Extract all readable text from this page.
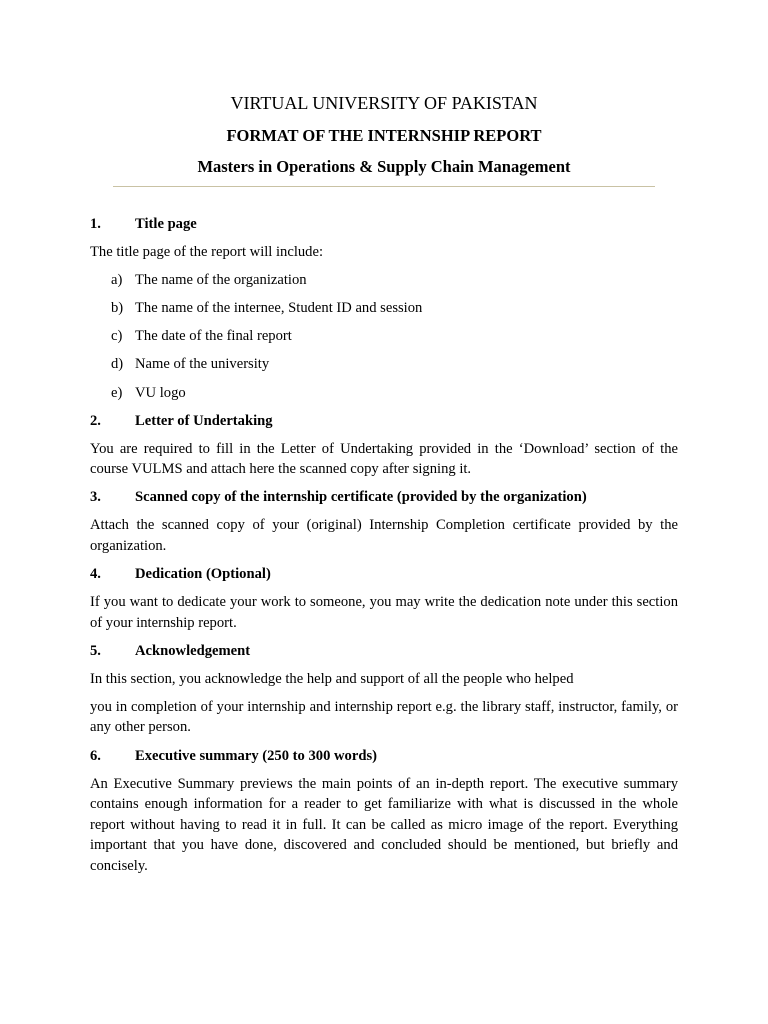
VIRTUAL UNIVERSITY OF PAKISTAN
FORMAT OF THE INTERNSHIP REPORT
Masters in Operations & Supply Chain Management
1.	Title page
The title page of the report will include:
a) The name of the organization
b) The name of the internee, Student ID and session
c) The date of the final report
d) Name of the university
e) VU logo
2.	Letter of Undertaking
You are required to fill in the Letter of Undertaking provided in the ‘Download’ section of the course VULMS and attach here the scanned copy after signing it.
3.	Scanned copy of the internship certificate (provided by the organization)
Attach the scanned copy of your (original) Internship Completion certificate provided by the organization.
4.	Dedication (Optional)
If you want to dedicate your work to someone, you may write the dedication note under this section of your internship report.
5.	Acknowledgement
In this section, you acknowledge the help and support of all the people who helped
you in completion of your internship and internship report e.g. the library staff, instructor, family, or any other person.
6.	Executive summary (250 to 300 words)
An Executive Summary previews the main points of an in-depth report. The executive summary contains enough information for a reader to get familiarize with what is discussed in the whole report without having to read it in full. It can be called as micro image of the report. Everything important that you have done, discovered and concluded should be mentioned, but briefly and concisely.
